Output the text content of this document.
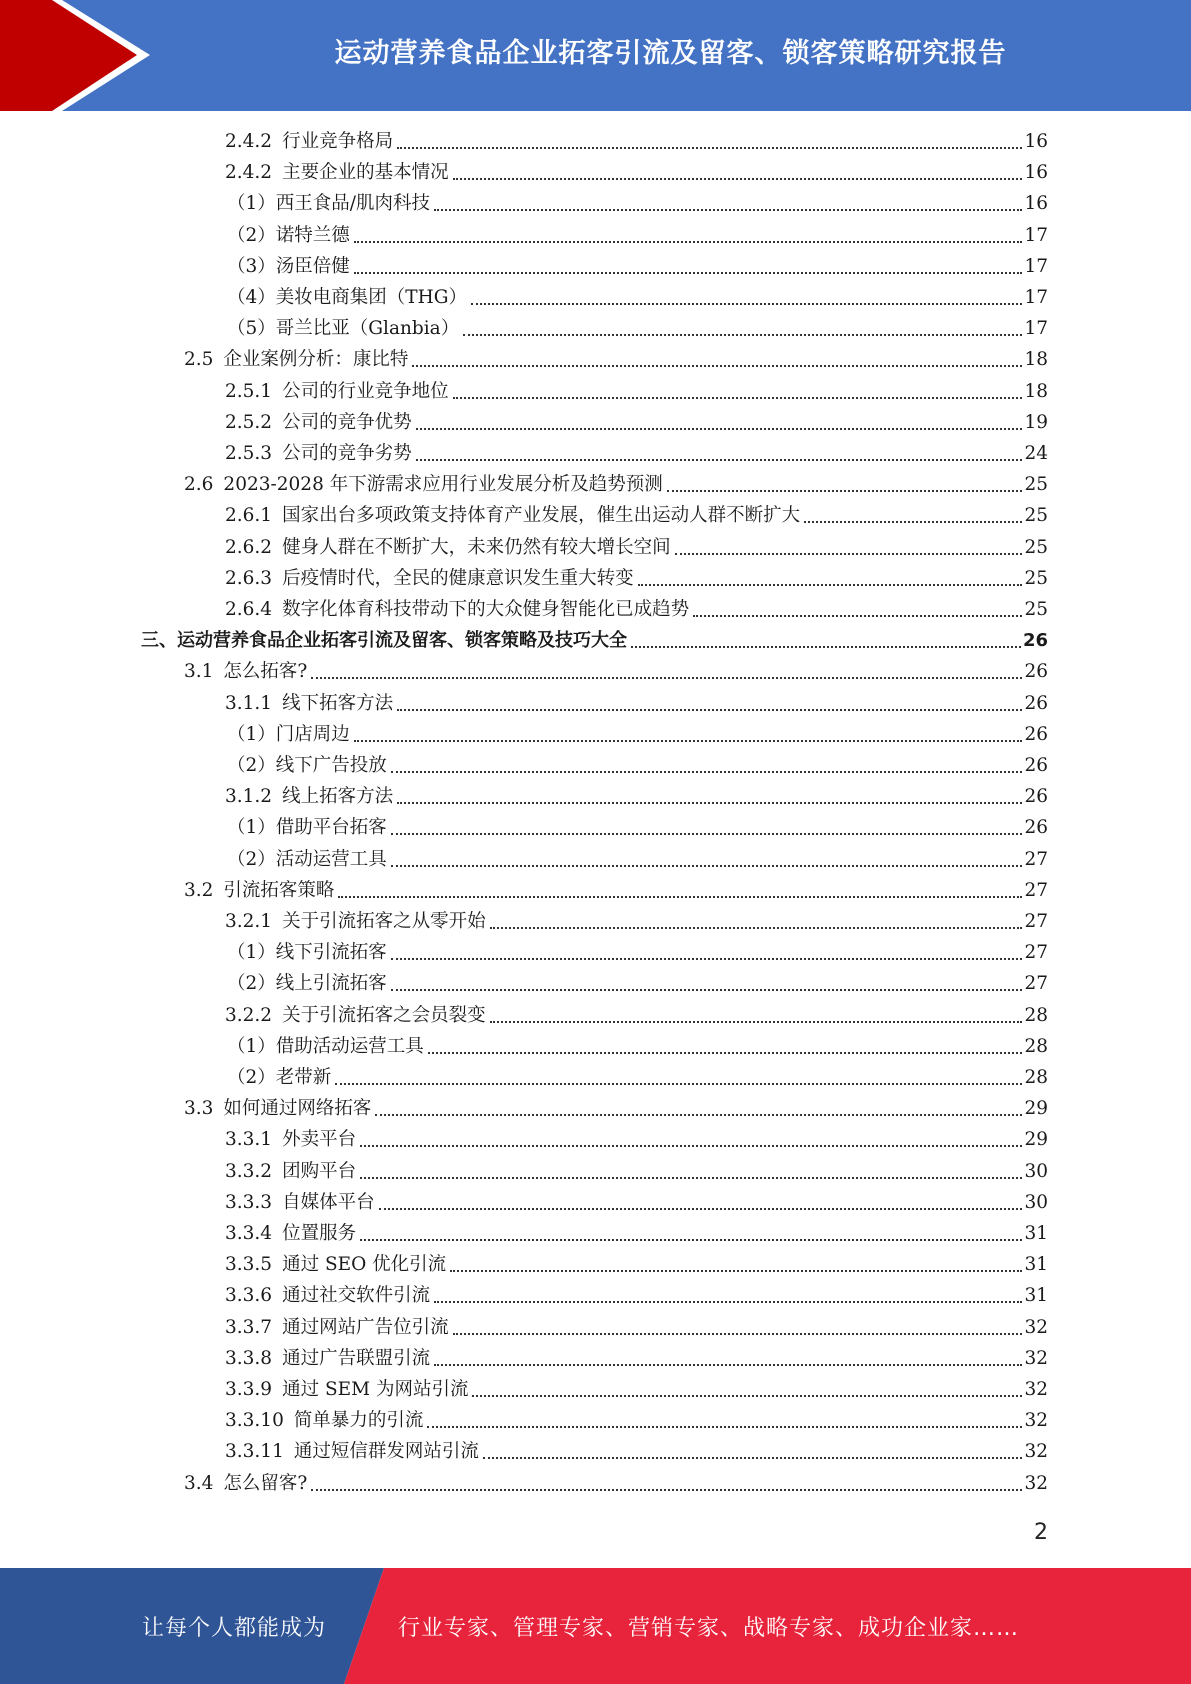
运动营养食品企业拓客引流及留客、锁客策略研究报告
2.4.2 行业竞争格局	16
2.4.2 主要企业的基本情况	16
（1） 西王食品/肌肉科技	16
（2） 诺特兰德	17
（3） 汤臣倍健	17
（4） 美妆电商集团（THG）	17
（5） 哥兰比亚（Glanbia）	17
2.5 企业案例分析：康比特	18
2.5.1 公司的行业竞争地位	18
2.5.2 公司的竞争优势	19
2.5.3 公司的竞争劣势	24
2.6 2023-2028 年下游需求应用行业发展分析及趋势预测	25
2.6.1 国家出台多项政策支持体育产业发展，催生出运动人群不断扩大	25
2.6.2 健身人群在不断扩大，未来仍然有较大增长空间	25
2.6.3 后疫情时代，全民的健康意识发生重大转变	25
2.6.4 数字化体育科技带动下的大众健身智能化已成趋势	25
三、 运动营养食品企业拓客引流及留客、锁客策略及技巧大全	26
3.1 怎么拓客?	26
3.1.1 线下拓客方法	26
（1） 门店周边	26
（2） 线下广告投放	26
3.1.2 线上拓客方法	26
（1） 借助平台拓客	26
（2） 活动运营工具	27
3.2 引流拓客策略	27
3.2.1 关于引流拓客之从零开始	27
（1） 线下引流拓客	27
（2） 线上引流拓客	27
3.2.2 关于引流拓客之会员裂变	28
（1） 借助活动运营工具	28
（2） 老带新	28
3.3 如何通过网络拓客	29
3.3.1 外卖平台	29
3.3.2 团购平台	30
3.3.3 自媒体平台	30
3.3.4 位置服务	31
3.3.5 通过 SEO 优化引流	31
3.3.6 通过社交软件引流	31
3.3.7 通过网站广告位引流	32
3.3.8 通过广告联盟引流	32
3.3.9 通过 SEM 为网站引流	32
3.3.10 简单暴力的引流	32
3.3.11 通过短信群发网站引流	32
3.4 怎么留客?	32
2
让每个人都能成为	行业专家、管理专家、营销专家、战略专家、成功企业家……
